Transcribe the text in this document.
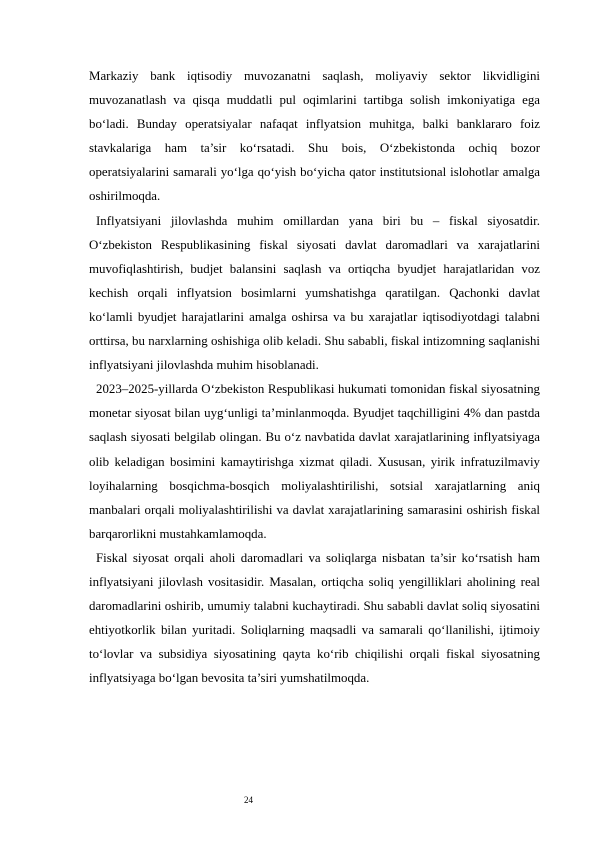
Markaziy bank iqtisodiy muvozanatni saqlash, moliyaviy sektor likvidligini muvozanatlash va qisqa muddatli pul oqimlarini tartibga solish imkoniyatiga ega bo‘ladi. Bunday operatsiyalar nafaqat inflyatsion muhitga, balki banklararo foiz stavkalariga ham ta’sir ko‘rsatadi. Shu bois, O‘zbekistonda ochiq bozor operatsiyalarini samarali yo‘lga qo‘yish bo‘yicha qator institutsional islohotlar amalga oshirilmoqda.

Inflyatsiyani jilovlashda muhim omillardan yana biri bu – fiskal siyosatdir. O‘zbekiston Respublikasining fiskal siyosati davlat daromadlari va xarajatlarini muvofiqlashtirish, budjet balansini saqlash va ortiqcha byudjet harajatlaridan voz kechish orqali inflyatsion bosimlarni yumshatishga qaratilgan. Qachonki davlat ko‘lamli byudjet harajatlarini amalga oshirsa va bu xarajatlar iqtisodiyotdagi talabni orttirsa, bu narxlarning oshishiga olib keladi. Shu sababli, fiskal intizomning saqlanishi inflyatsiyani jilovlashda muhim hisoblanadi.

2023–2025-yillarda O‘zbekiston Respublikasi hukumati tomonidan fiskal siyosatning monetar siyosat bilan uyg‘unligi ta’minlanmoqda. Byudjet taqchilligini 4% dan pastda saqlash siyosati belgilab olingan. Bu o‘z navbatida davlat xarajatlarining inflyatsiyaga olib keladigan bosimini kamaytirishga xizmat qiladi. Xususan, yirik infratuzilmaviy loyihalarning bosqichma-bosqich moliyalashtirilishi, sotsial xarajatlarning aniq manbalari orqali moliyalashtirilishi va davlat xarajatlarining samarasini oshirish fiskal barqarorlikni mustahkamlamoqda.

Fiskal siyosat orqali aholi daromadlari va soliqlarga nisbatan ta’sir ko‘rsatish ham inflyatsiyani jilovlash vositasidir. Masalan, ortiqcha soliq yengilliklari aholining real daromadlarini oshirib, umumiy talabni kuchaytiradi. Shu sababli davlat soliq siyosatini ehtiyotkorlik bilan yuritadi. Soliqlarning maqsadli va samarali qo‘llanilishi, ijtimoiy to‘lovlar va subsidiya siyosatining qayta ko‘rib chiqilishi orqali fiskal siyosatning inflyatsiyaga bo‘lgan bevosita ta’siri yumshatilmoqda.

24
